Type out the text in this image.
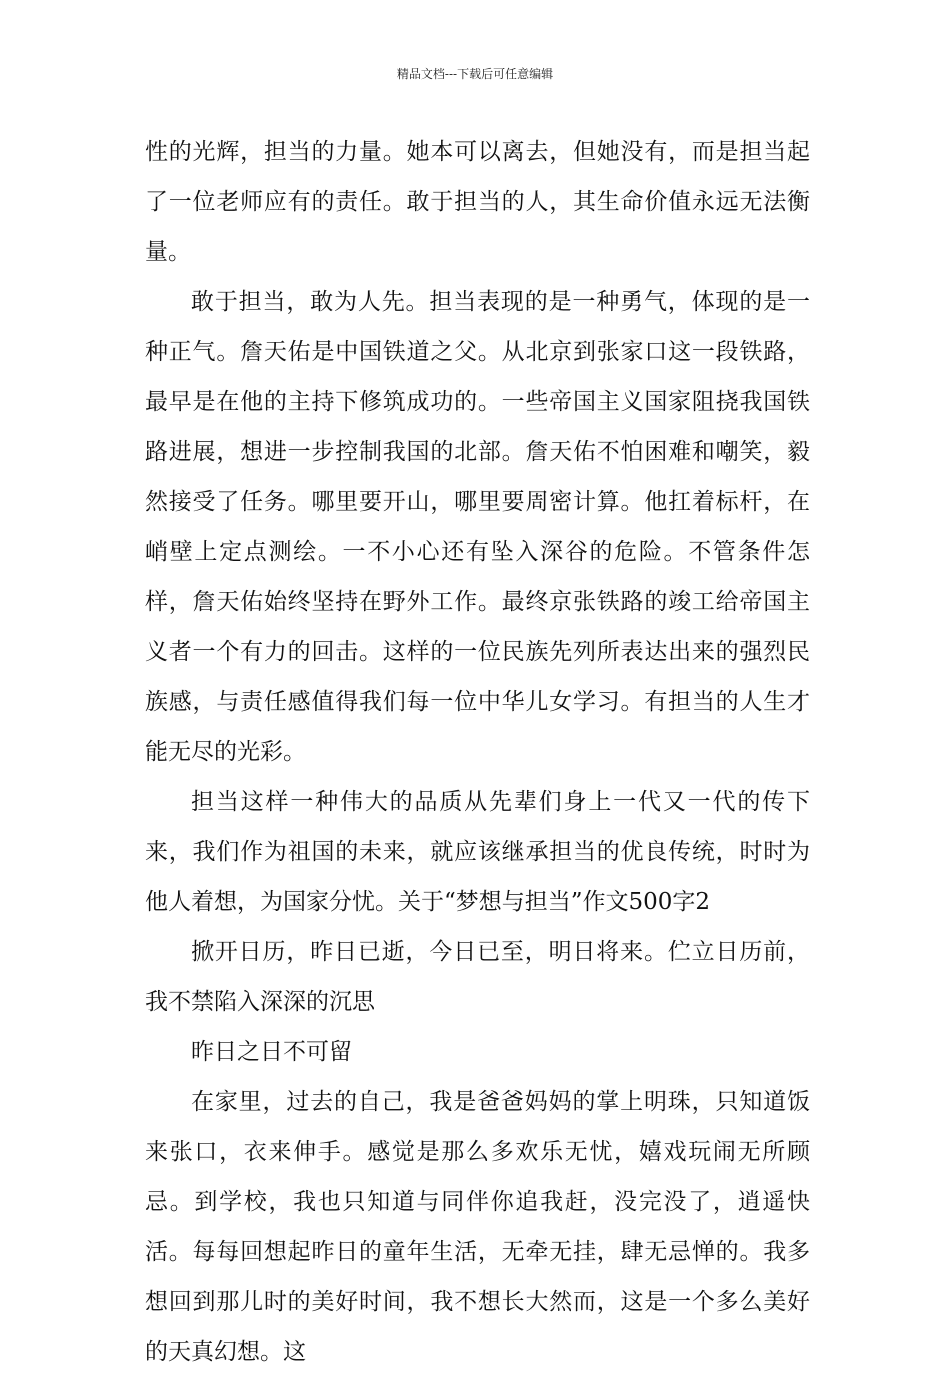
精品文档---下载后可任意编辑

性的光辉，担当的力量。她本可以离去，但她没有，而是担当起了一位老师应有的责任。敢于担当的人，其生命价值永远无法衡量。

敢于担当，敢为人先。担当表现的是一种勇气，体现的是一种正气。詹天佑是中国铁道之父。从北京到张家口这一段铁路，最早是在他的主持下修筑成功的。一些帝国主义国家阻挠我国铁路进展，想进一步控制我国的北部。詹天佑不怕困难和嘲笑，毅然接受了任务。哪里要开山，哪里要周密计算。他扛着标杆，在峭壁上定点测绘。一不小心还有坠入深谷的危险。不管条件怎样，詹天佑始终坚持在野外工作。最终京张铁路的竣工给帝国主义者一个有力的回击。这样的一位民族先列所表达出来的强烈民族感，与责任感值得我们每一位中华儿女学习。有担当的人生才能无尽的光彩。

担当这样一种伟大的品质从先辈们身上一代又一代的传下来，我们作为祖国的未来，就应该继承担当的优良传统，时时为他人着想，为国家分忧。关于“梦想与担当”作文500字2

掀开日历，昨日已逝，今日已至，明日将来。伫立日历前，我不禁陷入深深的沉思

昨日之日不可留

在家里，过去的自己，我是爸爸妈妈的掌上明珠，只知道饭来张口，衣来伸手。感觉是那么多欢乐无忧，嬉戏玩闹无所顾忌。到学校，我也只知道与同伴你追我赶，没完没了，逍遥快活。每每回想起昨日的童年生活，无牵无挂，肆无忌惮的。我多想回到那儿时的美好时间，我不想长大然而，这是一个多么美好的天真幻想。这
